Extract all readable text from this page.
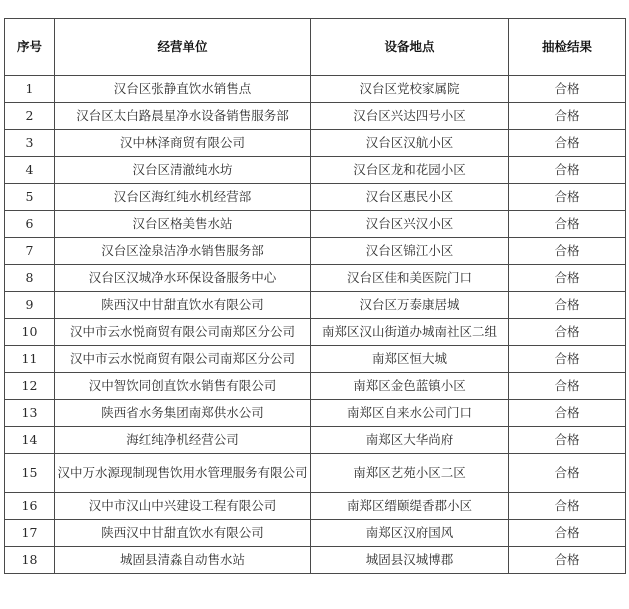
序号	经营单位	设备地点	抽检结果
1	汉台区张静直饮水销售点	汉台区党校家属院	合格
2	汉台区太白路晨星净水设备销售服务部	汉台区兴达四号小区	合格
3	汉中林泽商贸有限公司	汉台区汉航小区	合格
4	汉台区清澈纯水坊	汉台区龙和花园小区	合格
5	汉台区海红纯水机经营部	汉台区惠民小区	合格
6	汉台区格美售水站	汉台区兴汉小区	合格
7	汉台区淦泉洁净水销售服务部	汉台区锦江小区	合格
8	汉台区汉城净水环保设备服务中心	汉台区佳和美医院门口	合格
9	陕西汉中甘甜直饮水有限公司	汉台区万泰康居城	合格
10	汉中市云水悦商贸有限公司南郑区分公司	南郑区汉山街道办城南社区二组	合格
11	汉中市云水悦商贸有限公司南郑区分公司	南郑区恒大城	合格
12	汉中智饮同创直饮水销售有限公司	南郑区金色蓝镇小区	合格
13	陕西省水务集团南郑供水公司	南郑区自来水公司门口	合格
14	海红纯净机经营公司	南郑区大华尚府	合格
15	汉中万水源现制现售饮用水管理服务有限公司	南郑区艺苑小区二区	合格
16	汉中市汉山中兴建设工程有限公司	南郑区缙颐缇香郡小区	合格
17	陕西汉中甘甜直饮水有限公司	南郑区汉府国风	合格
18	城固县清淼自动售水站	城固县汉城博郡	合格
